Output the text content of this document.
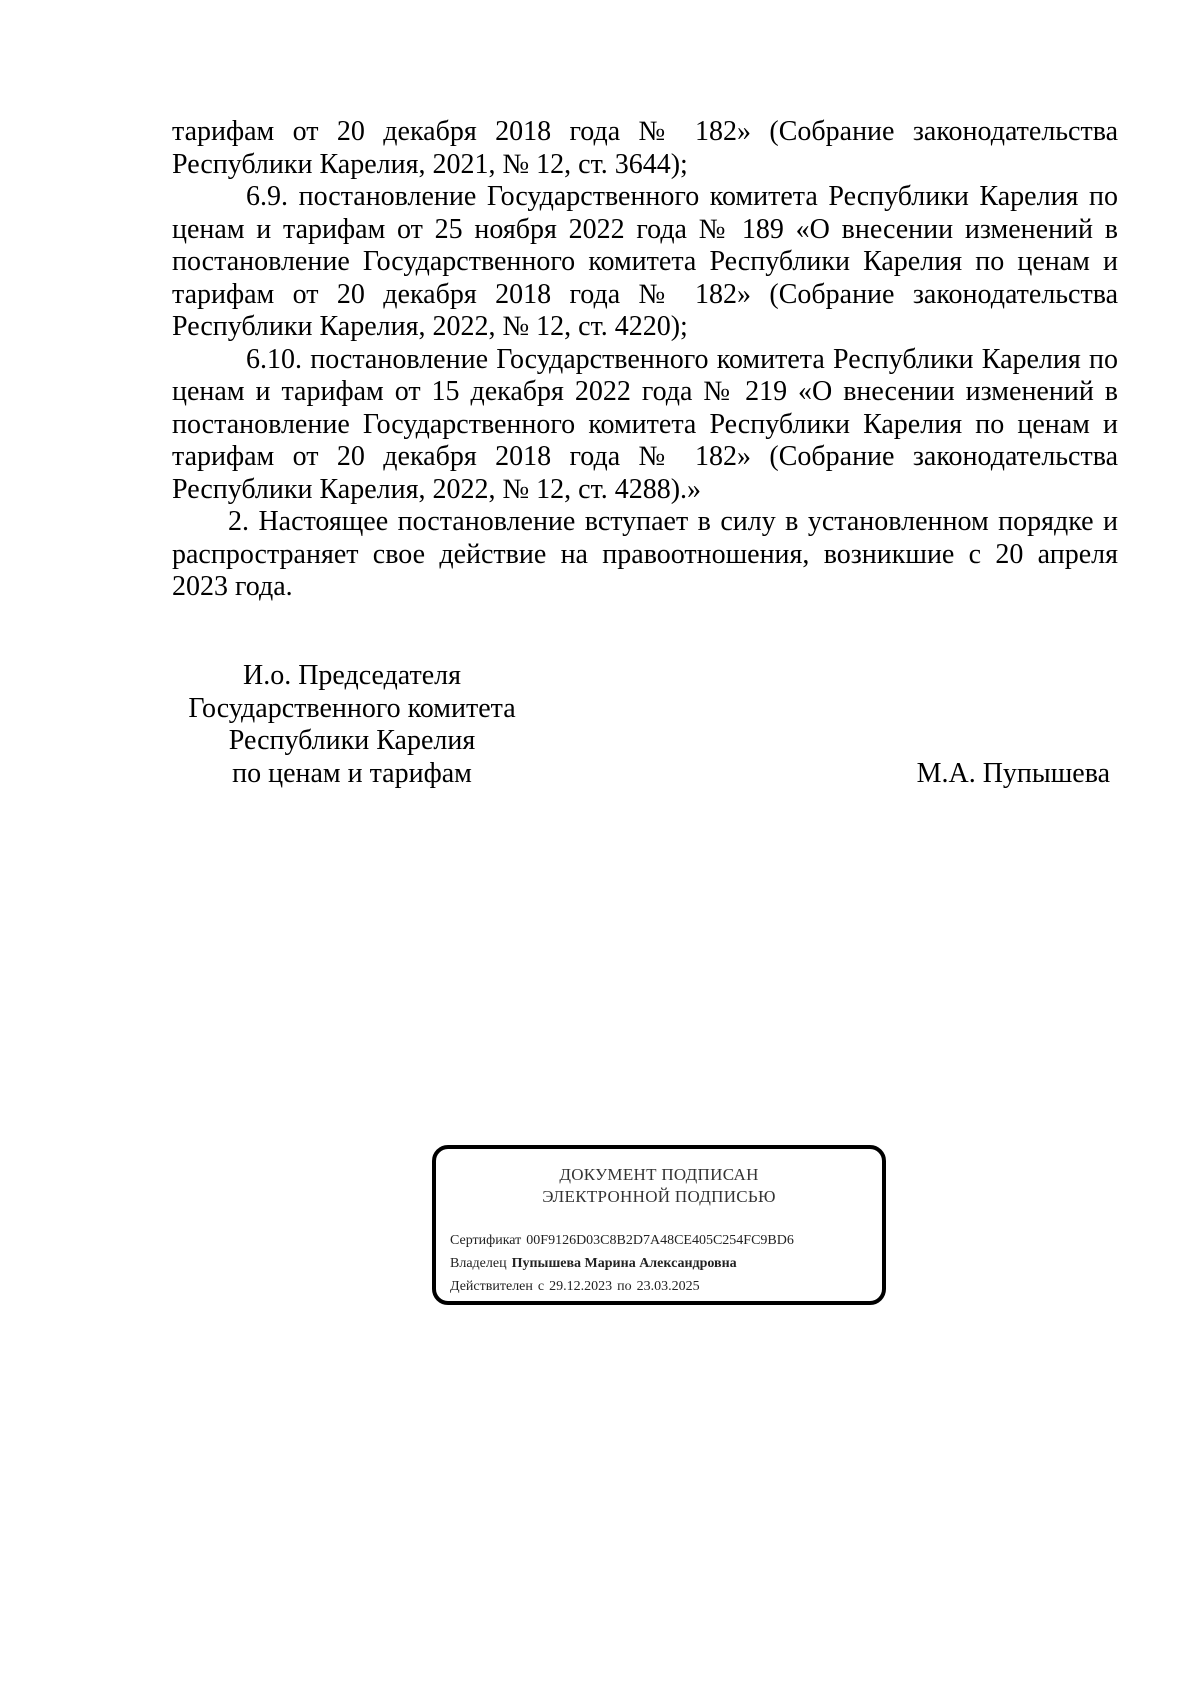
тарифам от 20 декабря 2018 года № 182» (Собрание законодательства Республики Карелия, 2021, № 12, ст. 3644);

6.9. постановление Государственного комитета Республики Карелия по ценам и тарифам от 25 ноября 2022 года № 189 «О внесении изменений в постановление Государственного комитета Республики Карелия по ценам и тарифам от 20 декабря 2018 года № 182» (Собрание законодательства Республики Карелия, 2022, № 12, ст. 4220);

6.10. постановление Государственного комитета Республики Карелия по ценам и тарифам от 15 декабря 2022 года № 219 «О внесении изменений в постановление Государственного комитета Республики Карелия по ценам и тарифам от 20 декабря 2018 года № 182» (Собрание законодательства Республики Карелия, 2022, № 12, ст. 4288).»

2. Настоящее постановление вступает в силу в установленном порядке и распространяет свое действие на правоотношения, возникшие с 20 апреля 2023 года.

И.о. Председателя
Государственного комитета
Республики Карелия
по ценам и тарифам	М.А. Пупышева
ДОКУМЕНТ ПОДПИСАН
ЭЛЕКТРОННОЙ ПОДПИСЬЮ
Сертификат 00F9126D03C8B2D7A48CE405C254FC9BD6
Владелец Пупышева Марина Александровна
Действителен с 29.12.2023 по 23.03.2025
